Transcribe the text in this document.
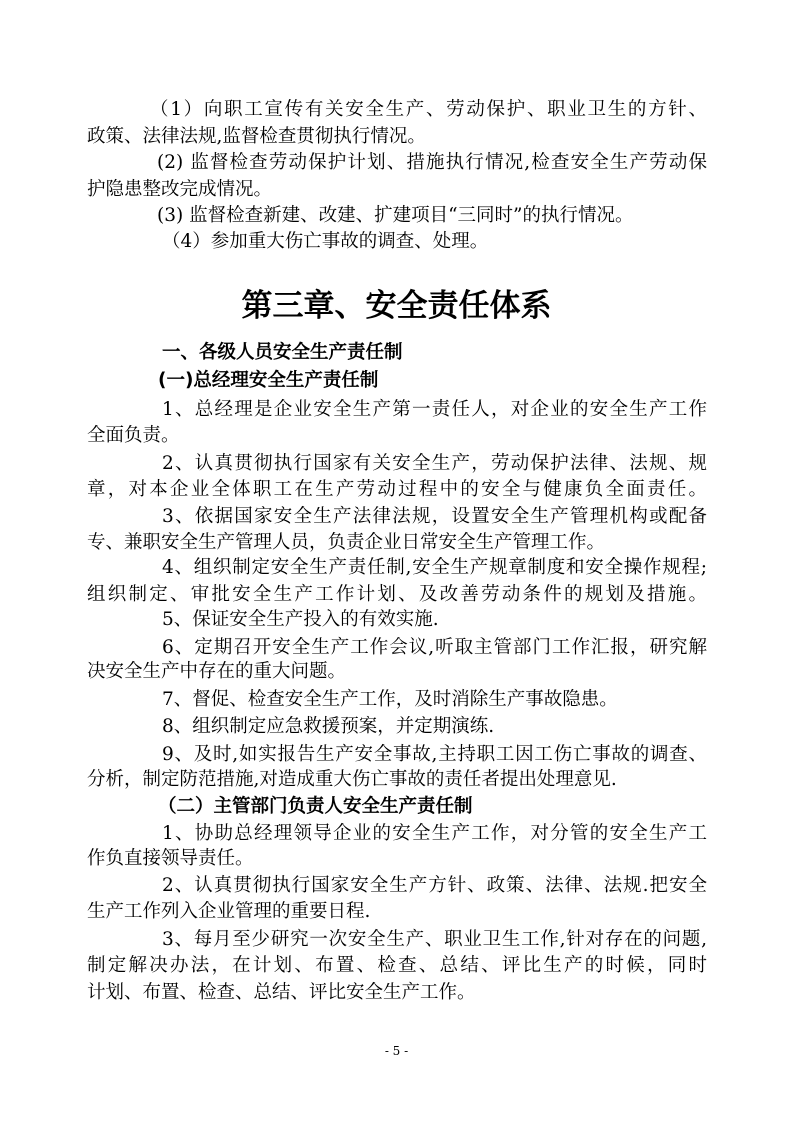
（1）向职工宣传有关安全生产、劳动保护、职业卫生的方针、
政策、法律法规,监督检查贯彻执行情况。
(2) 监督检查劳动保护计划、措施执行情况,检查安全生产劳动保
护隐患整改完成情况。
(3) 监督检查新建、改建、扩建项目“三同时”的执行情况。
（4）参加重大伤亡事故的调查、处理。
第三章、安全责任体系
一、各级人员安全生产责任制
(一)总经理安全生产责任制
1、总经理是企业安全生产第一责任人，对企业的安全生产工作
全面负责。
2、认真贯彻执行国家有关安全生产，劳动保护法律、法规、规
章，对本企业全体职工在生产劳动过程中的安全与健康负全面责任。
3、依据国家安全生产法律法规，设置安全生产管理机构或配备
专、兼职安全生产管理人员，负责企业日常安全生产管理工作。
4、组织制定安全生产责任制,安全生产规章制度和安全操作规程;
组织制定、审批安全生产工作计划、及改善劳动条件的规划及措施。
5、保证安全生产投入的有效实施.
6、定期召开安全生产工作会议,听取主管部门工作汇报，研究解
决安全生产中存在的重大问题。
7、督促、检查安全生产工作，及时消除生产事故隐患。
8、组织制定应急救援预案，并定期演练.
9、及时,如实报告生产安全事故,主持职工因工伤亡事故的调查、
分析，制定防范措施,对造成重大伤亡事故的责任者提出处理意见.
（二）主管部门负责人安全生产责任制
1、协助总经理领导企业的安全生产工作，对分管的安全生产工
作负直接领导责任。
2、认真贯彻执行国家安全生产方针、政策、法律、法规.把安全
生产工作列入企业管理的重要日程.
3、每月至少研究一次安全生产、职业卫生工作,针对存在的问题,
制定解决办法，在计划、布置、检查、总结、评比生产的时候，同时
计划、布置、检查、总结、评比安全生产工作。
- 5 -
